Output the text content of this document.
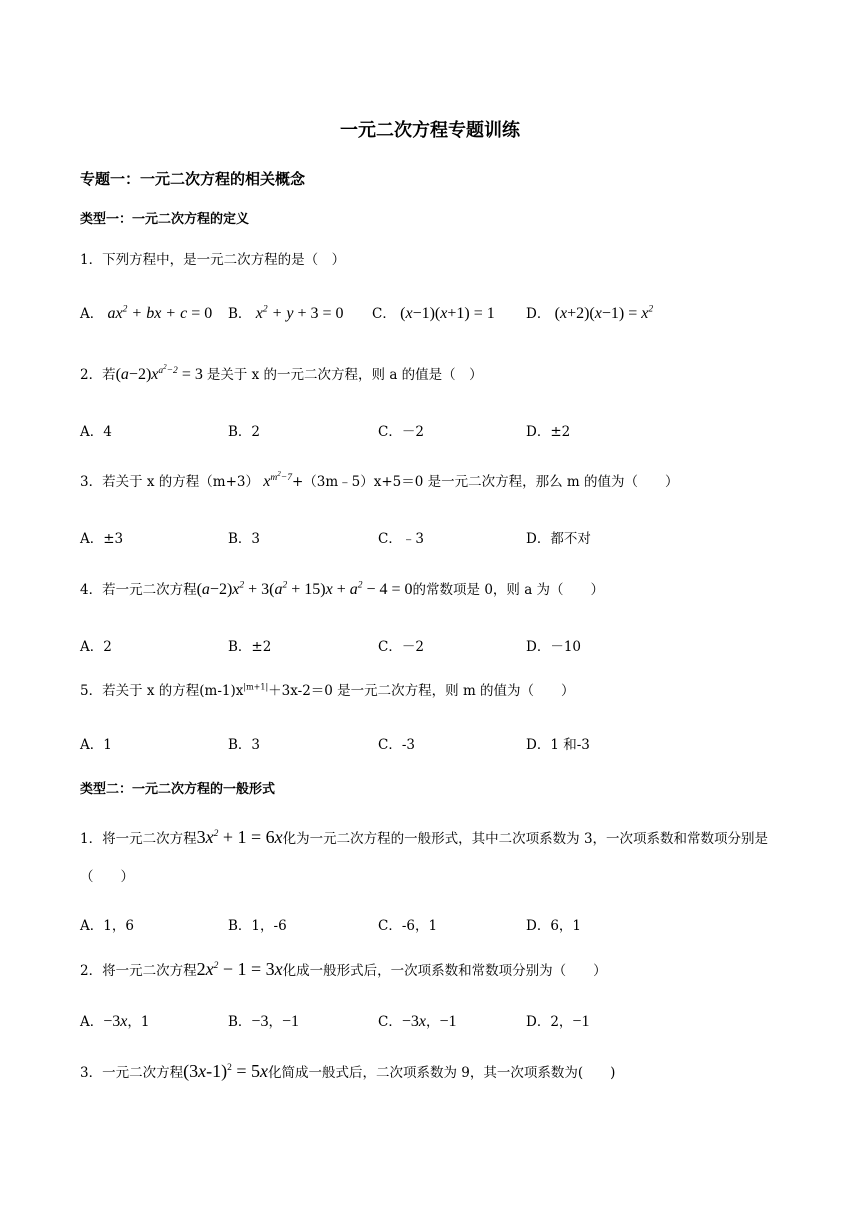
一元二次方程专题训练
专题一：一元二次方程的相关概念
类型一：一元二次方程的定义
1．下列方程中，是一元二次方程的是（　）
A． $ax^2$ + bx + c = 0 B． $x^2 + y + 3 = 0$ C． (x−1)(x+1) = 1 D． $(x+2)(x-1) = x^2$
2．若$(a-2)x^{a^2-2} = 3$ 是关于 x 的一元二次方程，则 a 的值是（　）
A．4	B．2	C．－2	D．±2
3．若关于 x 的方程（m+3） $x^{m^2-7}+(3m﹣5)x+5=0$ 是一元二次方程，那么 m 的值为（　　）
A．±3	B．3	C．﹣3	D．都不对
4．若一元二次方程$(a-2)x^2 + 3(a^2 + 15)x + a^2 - 4 = 0$的常数项是 0，则 a 为（　　）
A．2	B．±2	C．－2	D．－10
5．若关于 x 的方程$(m-1)x^{|m+1|}+3x-2=0$ 是一元二次方程，则 m 的值为（　　）
A．1	B．3	C．-3	D．1 和-3
类型二：一元二次方程的一般形式
1．将一元二次方程$3x^2 + 1 = 6x$化为一元二次方程的一般形式，其中二次项系数为 3，一次项系数和常数项分别是（　　）
A．1，6	B．1，-6	C．-6，1	D．6，1
2．将一元二次方程$2x^2 - 1 = 3x$化成一般形式后，一次项系数和常数项分别为（　　）
A．−3x，1	B．−3，−1	C．−3x，−1	D．2，−1
3．一元二次方程$(3x-1)^2 = 5x$化简成一般式后，二次项系数为 9，其一次项系数为(　　)
